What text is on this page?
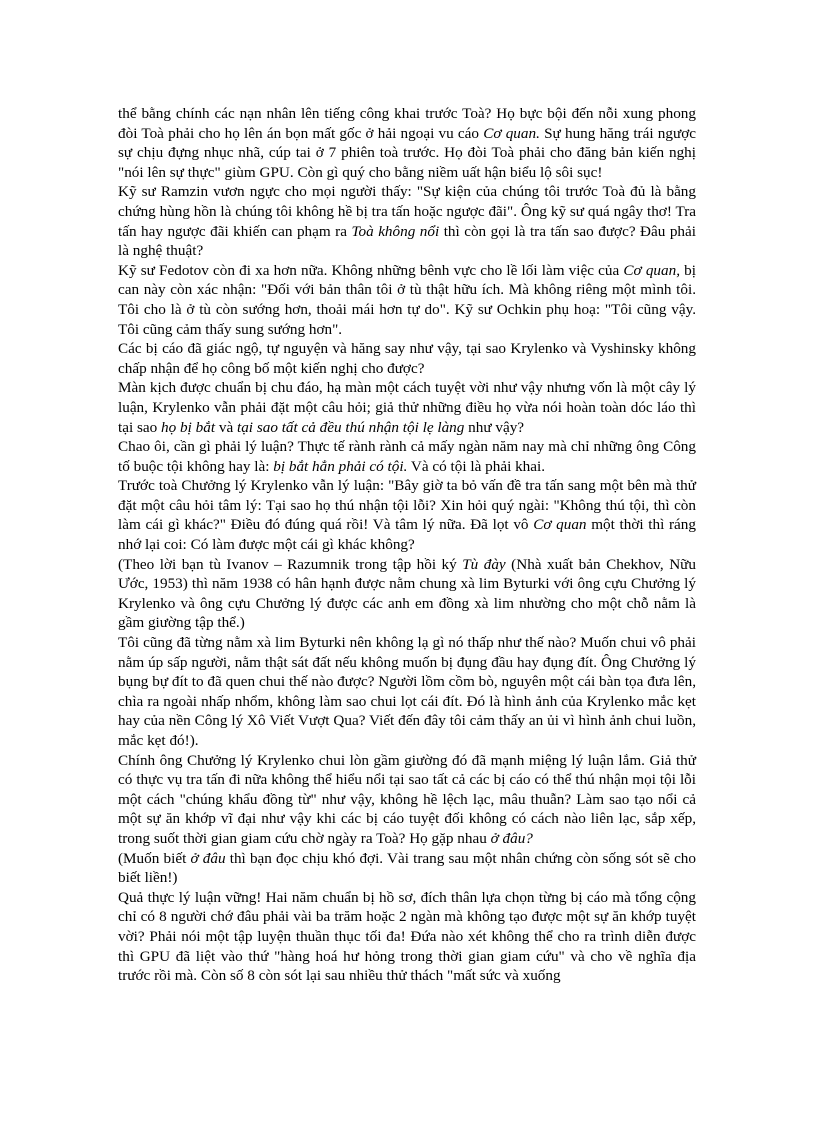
thể bằng chính các nạn nhân lên tiếng công khai trước Toà? Họ bực bội đến nỗi xung phong đòi Toà phải cho họ lên án bọn mất gốc ở hải ngoại vu cáo Cơ quan. Sự hung hăng trái ngược sự chịu đựng nhục nhã, cúp tai ở 7 phiên toà trước. Họ đòi Toà phải cho đăng bản kiến nghị "nói lên sự thực" giùm GPU. Còn gì quý cho bằng niềm uất hận biểu lộ sôi sục!

Kỹ sư Ramzin vươn ngực cho mọi người thấy: "Sự kiện của chúng tôi trước Toà đủ là bằng chứng hùng hồn là chúng tôi không hề bị tra tấn hoặc ngược đãi". Ông kỹ sư quá ngây thơ! Tra tấn hay ngược đãi khiến can phạm ra Toà không nổi thì còn gọi là tra tấn sao được? Đâu phải là nghệ thuật?

Kỹ sư Fedotov còn đi xa hơn nữa. Không những bênh vực cho lề lối làm việc của Cơ quan, bị can này còn xác nhận: "Đối với bản thân tôi ở tù thật hữu ích. Mà không riêng một mình tôi. Tôi cho là ở tù còn sướng hơn, thoải mái hơn tự do". Kỹ sư Ochkin phụ hoạ: "Tôi cũng vậy. Tôi cũng cảm thấy sung sướng hơn".

Các bị cáo đã giác ngộ, tự nguyện và hăng say như vậy, tại sao Krylenko và Vyshinsky không chấp nhận để họ công bố một kiến nghị cho được?

Màn kịch được chuẩn bị chu đáo, hạ màn một cách tuyệt vời như vậy nhưng vốn là một cây lý luận, Krylenko vẫn phải đặt một câu hỏi; giả thử những điều họ vừa nói hoàn toàn dóc láo thì tại sao họ bị bắt và tại sao tất cả đều thú nhận tội lẹ làng như vậy?

Chao ôi, cần gì phải lý luận? Thực tế rành rành cả mấy ngàn năm nay mà chỉ những ông Công tố buộc tội không hay là: bị bắt hẳn phải có tội. Và có tội là phải khai.

Trước toà Chưởng lý Krylenko vẫn lý luận: "Bây giờ ta bỏ vấn đề tra tấn sang một bên mà thử đặt một câu hỏi tâm lý: Tại sao họ thú nhận tội lỗi? Xin hỏi quý ngài: "Không thú tội, thì còn làm cái gì khác?" Điều đó đúng quá rồi! Và tâm lý nữa. Đã lọt vô Cơ quan một thời thì ráng nhớ lại coi: Có làm được một cái gì khác không?

(Theo lời bạn tù Ivanov – Razumnik trong tập hồi ký Tù đày (Nhà xuất bản Chekhov, Nữu Ước, 1953) thì năm 1938 có hân hạnh được nằm chung xà lim Byturki với ông cựu Chưởng lý Krylenko và ông cựu Chưởng lý được các anh em đồng xà lim nhường cho một chỗ nằm là gầm giường tập thể.)

Tôi cũng đã từng nằm xà lim Byturki nên không lạ gì nó thấp như thế nào? Muốn chui vô phải nằm úp sấp người, nằm thật sát đất nếu không muốn bị đụng đầu hay đụng đít. Ông Chưởng lý bụng bự đít to đã quen chui thế nào được? Người lồm cồm bò, nguyên một cái bàn tọa đưa lên, chìa ra ngoài nhấp nhổm, không làm sao chui lọt cái đít. Đó là hình ảnh của Krylenko mắc kẹt hay của nền Công lý Xô Viết Vượt Qua? Viết đến đây tôi cảm thấy an ủi vì hình ảnh chui luồn, mắc kẹt đó!).

Chính ông Chưởng lý Krylenko chui lòn gầm giường đó đã mạnh miệng lý luận lắm. Giả thử có thực vụ tra tấn đi nữa không thể hiểu nổi tại sao tất cả các bị cáo có thể thú nhận mọi tội lỗi một cách "chúng khẩu đồng từ" như vậy, không hề lệch lạc, mâu thuẫn? Làm sao tạo nổi cả một sự ăn khớp vĩ đại như vậy khi các bị cáo tuyệt đối không có cách nào liên lạc, sắp xếp, trong suốt thời gian giam cứu chờ ngày ra Toà? Họ gặp nhau ở đâu?

(Muốn biết ở đâu thì bạn đọc chịu khó đợi. Vài trang sau một nhân chứng còn sống sót sẽ cho biết liền!)

Quả thực lý luận vững! Hai năm chuẩn bị hồ sơ, đích thân lựa chọn từng bị cáo mà tổng cộng chỉ có 8 người chớ đâu phải vài ba trăm hoặc 2 ngàn mà không tạo được một sự ăn khớp tuyệt vời? Phải nói một tập luyện thuần thục tối đa! Đứa nào xét không thể cho ra trình diễn được thì GPU đã liệt vào thứ "hàng hoá hư hỏng trong thời gian giam cứu" và cho về nghĩa địa trước rồi mà. Còn số 8 còn sót lại sau nhiều thử thách "mất sức và xuống
